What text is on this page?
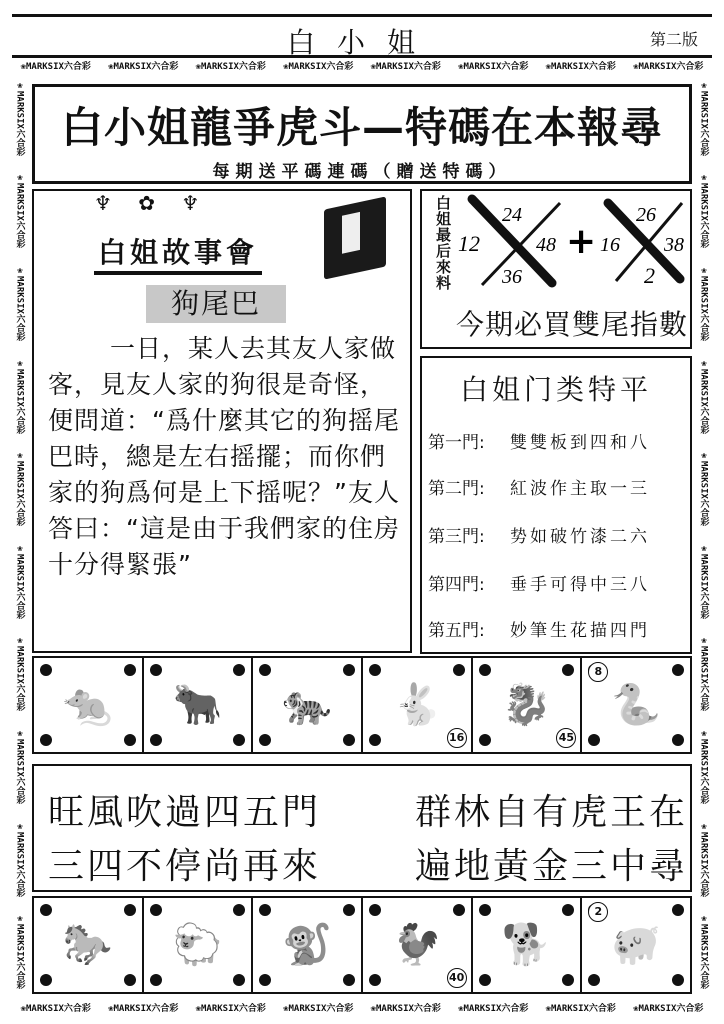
白小姐	第二版
❀MARKSIX六合彩	❀MARKSIX六合彩	❀MARKSIX六合彩	❀MARKSIX六合彩	❀MARKSIX六合彩	❀MARKSIX六合彩	❀MARKSIX六合彩	❀MARKSIX六合彩
❀MARKSIX六合彩	❀MARKSIX六合彩	❀MARKSIX六合彩	❀MARKSIX六合彩	❀MARKSIX六合彩	❀MARKSIX六合彩	❀MARKSIX六合彩	❀MARKSIX六合彩
❀
MARKSIX六合彩
❀
MARKSIX六合彩
❀
MARKSIX六合彩
❀
MARKSIX六合彩
❀
MARKSIX六合彩
❀
MARKSIX六合彩
❀
MARKSIX六合彩
❀
MARKSIX六合彩
❀
MARKSIX六合彩
❀
MARKSIX六合彩
❀
MARKSIX六合彩
❀
MARKSIX六合彩
❀
MARKSIX六合彩
❀
MARKSIX六合彩
❀
MARKSIX六合彩
❀
MARKSIX六合彩
❀
MARKSIX六合彩
❀
MARKSIX六合彩
❀
MARKSIX六合彩
❀
MARKSIX六合彩
白小姐龍爭虎斗—特碼在本報尋
每期送平碼連碼（贈送特碼）
♆ ✿ ♆
白姐故事會
狗尾巴
一日，某人去其友人家做客，見友人家的狗很是奇怪，便問道：“爲什麼其它的狗摇尾巴時，總是左右摇擺；而你們家的狗爲何是上下摇呢？”友人答曰：“這是由于我們家的住房十分得緊張”
白姐最后來料	24
12	48
36
+
26
16 38
2
今期必買雙尾指數
白姐门类特平
第一門:	雙雙板到四和八
第二門:	紅波作主取一三
第三門:	势如破竹漆二六
第四門:	垂手可得中三八
第五門:	妙筆生花描四門
🐀 🐂 🐅 🐇
16
🐉
45
🐍
8
旺風吹過四五門	群林自有虎王在
三四不停尚再來	遍地黃金三中尋
🐎 🐑 🐒 🐓
40
🐕 🐖
2
